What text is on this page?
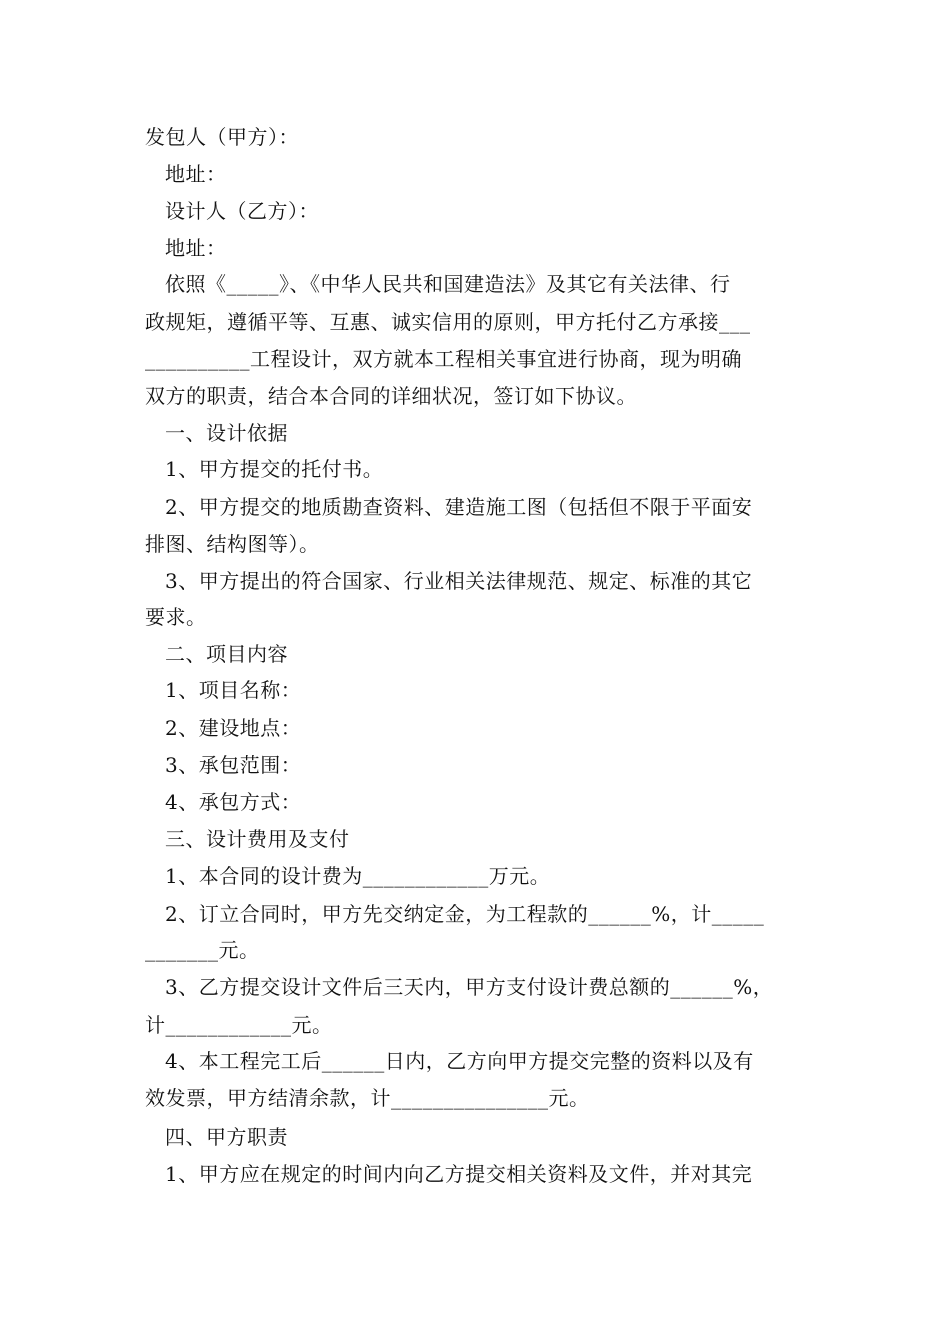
发包人（甲方）：
地址：
设计人（乙方）：
地址：
依照《_____》、《中华人民共和国建造法》及其它有关法律、行
政规矩，遵循平等、互惠、诚实信用的原则，甲方托付乙方承接___
__________工程设计，双方就本工程相关事宜进行协商，现为明确
双方的职责，结合本合同的详细状况，签订如下协议。
一、设计依据
1、甲方提交的托付书。
2、甲方提交的地质勘查资料、建造施工图（包括但不限于平面安
排图、结构图等）。
3、甲方提出的符合国家、行业相关法律规范、规定、标准的其它
要求。
二、项目内容
1、项目名称：
2、建设地点：
3、承包范围：
4、承包方式：
三、设计费用及支付
1、本合同的设计费为____________万元。
2、订立合同时，甲方先交纳定金，为工程款的______%，计_____
_______元。
3、乙方提交设计文件后三天内，甲方支付设计费总额的______%，
计____________元。
4、本工程完工后______日内，乙方向甲方提交完整的资料以及有
效发票，甲方结清余款，计_______________元。
四、甲方职责
1、甲方应在规定的时间内向乙方提交相关资料及文件，并对其完
